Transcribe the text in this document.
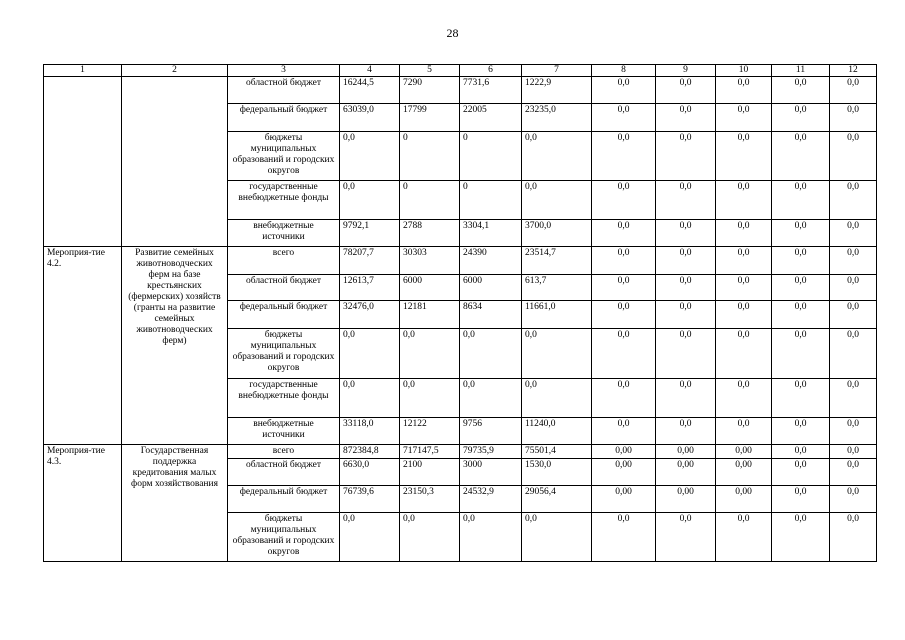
28
1	2	3	4	5	6	7	8	9	10	11	12
		областной бюджет	16244,5	7290	7731,6	1222,9	0,0	0,0	0,0	0,0	0,0
		федеральный бюджет	63039,0	17799	22005	23235,0	0,0	0,0	0,0	0,0	0,0
		бюджеты муниципальных образований и городских округов	0,0	0	0	0,0	0,0	0,0	0,0	0,0	0,0
		государственные внебюджетные фонды	0,0	0	0	0,0	0,0	0,0	0,0	0,0	0,0
		внебюджетные источники	9792,1	2788	3304,1	3700,0	0,0	0,0	0,0	0,0	0,0
Мероприя-тие 4.2.	Развитие семейных животноводческих ферм на базе крестьянских (фермерских) хозяйств (гранты на развитие семейных животноводческих ферм)	всего	78207,7	30303	24390	23514,7	0,0	0,0	0,0	0,0	0,0
		областной бюджет	12613,7	6000	6000	613,7	0,0	0,0	0,0	0,0	0,0
		федеральный бюджет	32476,0	12181	8634	11661,0	0,0	0,0	0,0	0,0	0,0
		бюджеты муниципальных образований и городских округов	0,0	0,0	0,0	0,0	0,0	0,0	0,0	0,0	0,0
		государственные внебюджетные фонды	0,0	0,0	0,0	0,0	0,0	0,0	0,0	0,0	0,0
		внебюджетные источники	33118,0	12122	9756	11240,0	0,0	0,0	0,0	0,0	0,0
Мероприя-тие 4.3.	Государственная поддержка кредитования малых форм хозяйствования	всего	872384,8	717147,5	79735,9	75501,4	0,00	0,00	0,00	0,0	0,0
		областной бюджет	6630,0	2100	3000	1530,0	0,00	0,00	0,00	0,0	0,0
		федеральный бюджет	76739,6	23150,3	24532,9	29056,4	0,00	0,00	0,00	0,0	0,0
		бюджеты муниципальных образований и городских округов	0,0	0,0	0,0	0,0	0,0	0,0	0,0	0,0	0,0
